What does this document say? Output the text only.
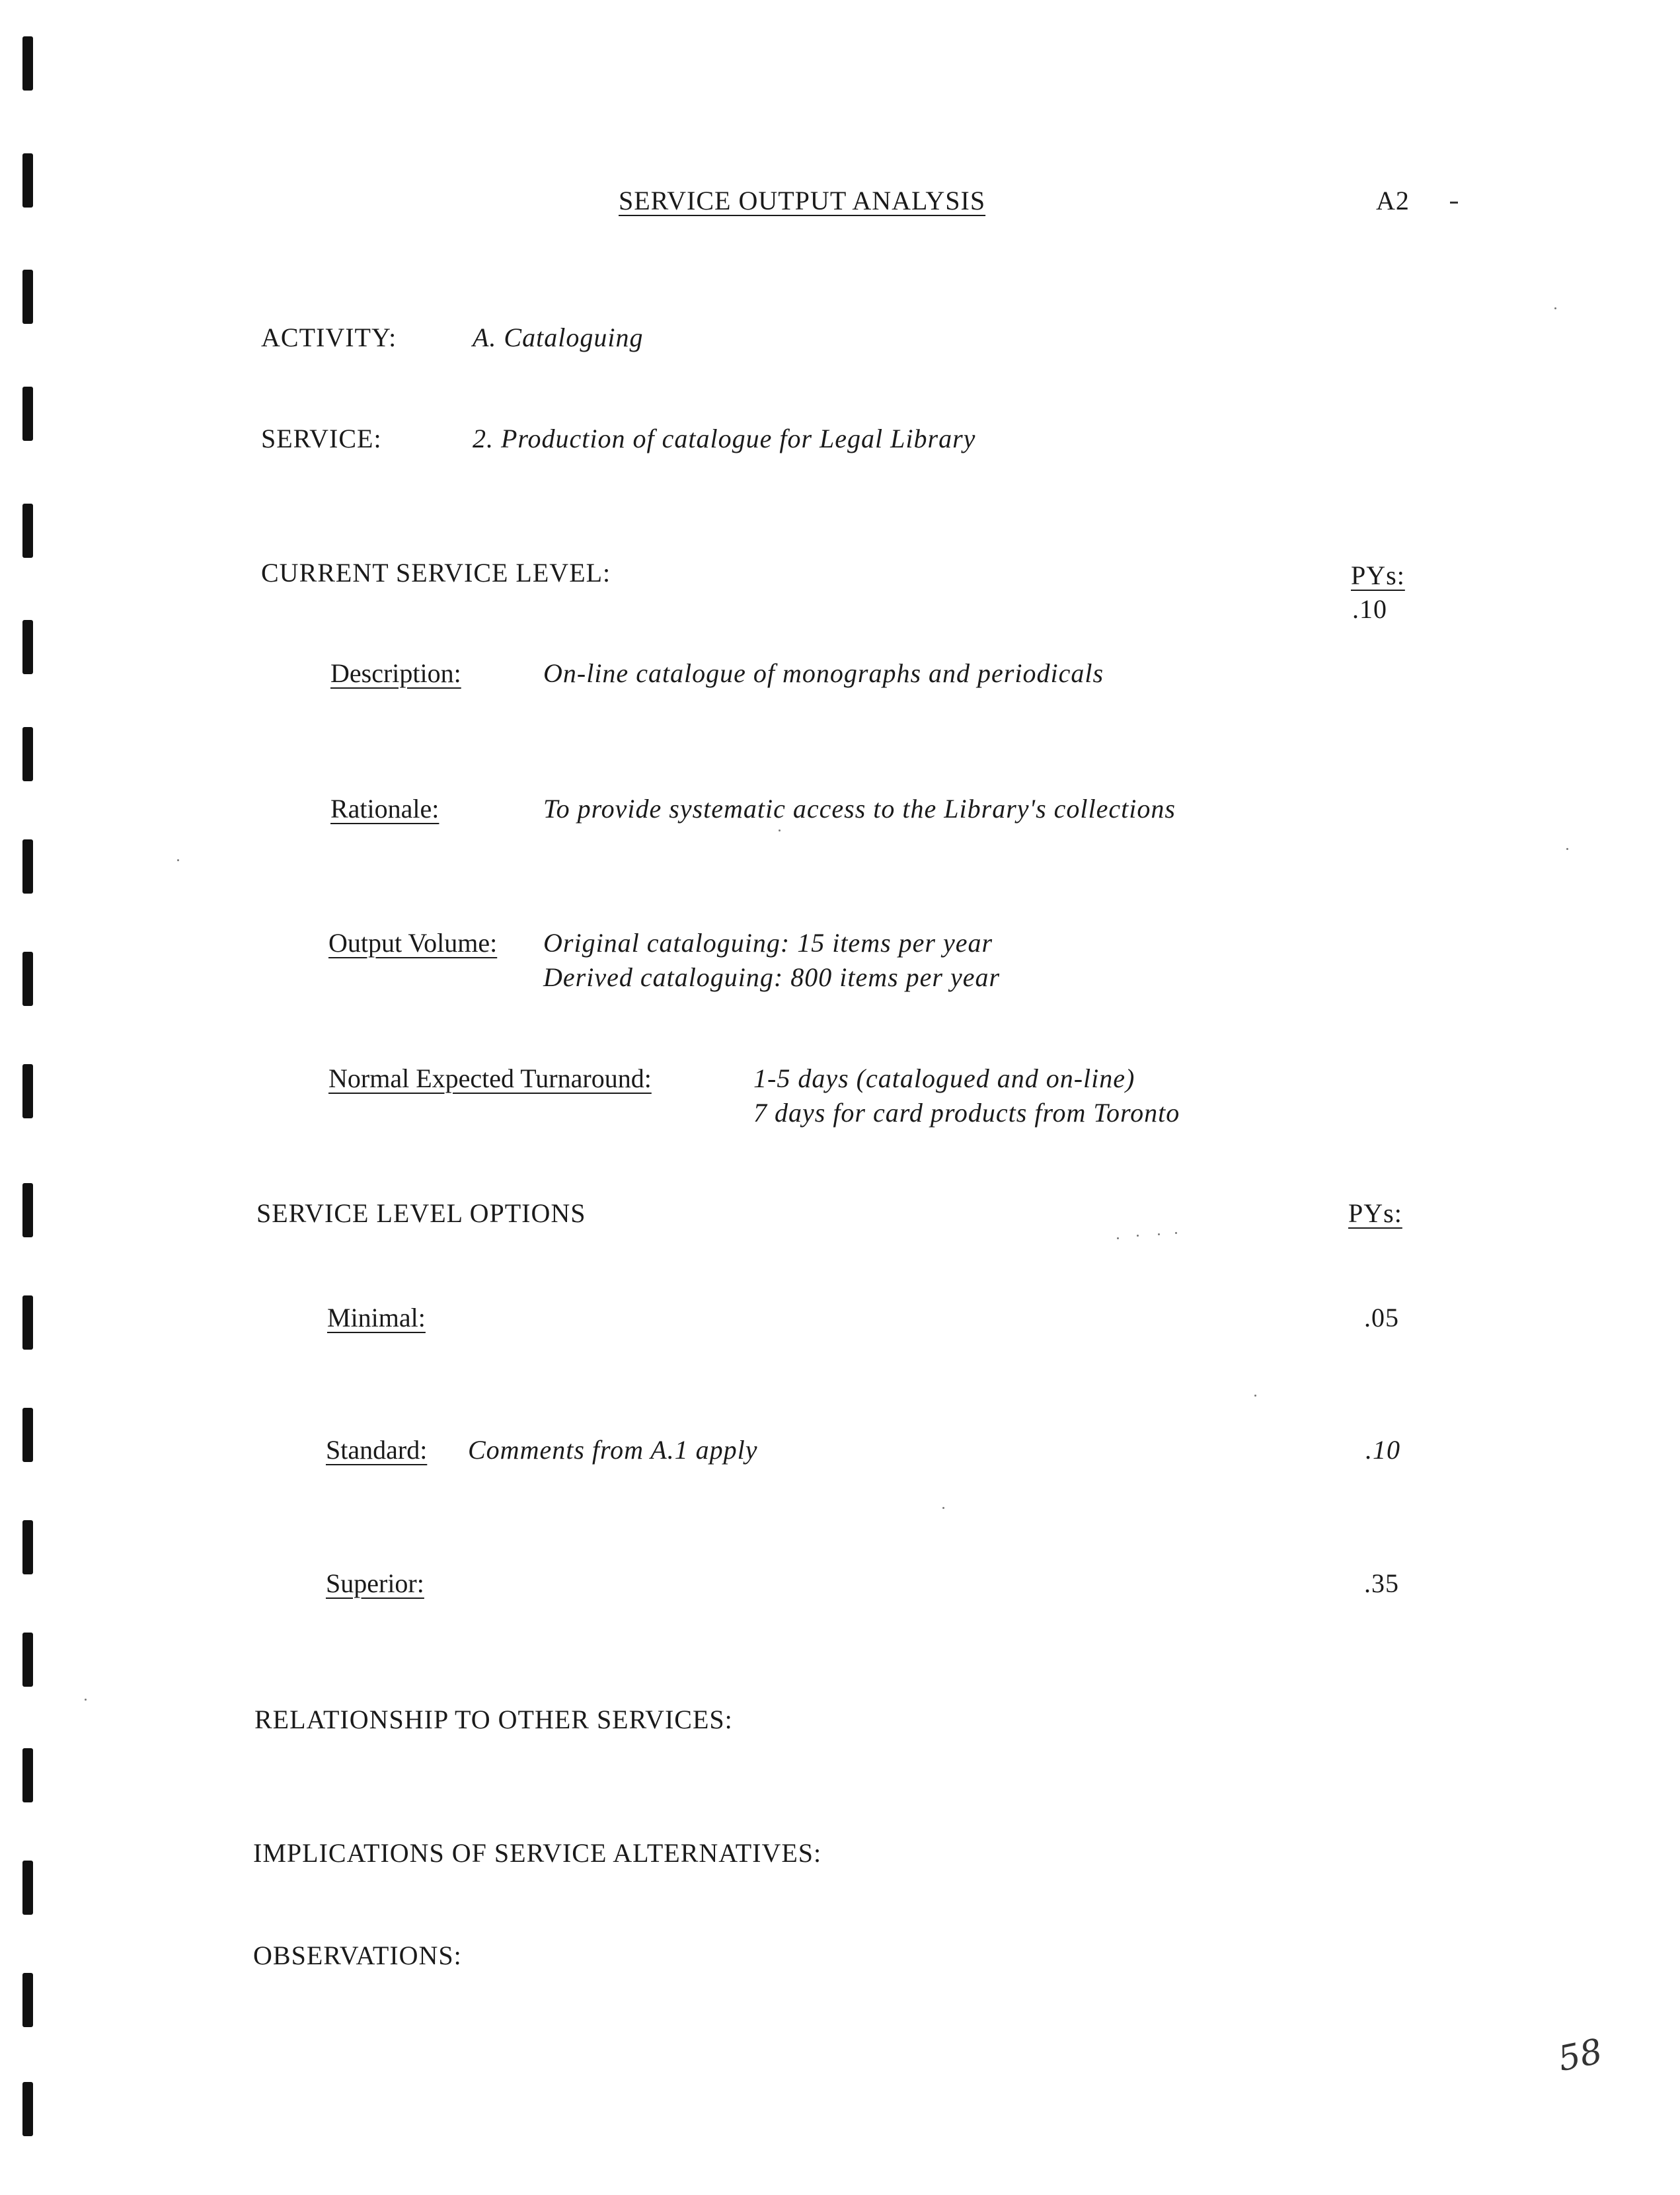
SERVICE OUTPUT ANALYSIS	A2
ACTIVITY:	A. Cataloguing
SERVICE:	2. Production of catalogue for Legal Library
CURRENT SERVICE LEVEL:	PYs:
.10
Description:	On-line catalogue of monographs and periodicals
Rationale:	To provide systematic access to the Library's collections
Output Volume: Original cataloguing: 15 items per year
Derived cataloguing: 800 items per year
Normal Expected Turnaround:	1-5 days (catalogued and on-line)
7 days for card products from Toronto
SERVICE LEVEL OPTIONS	PYs:
Minimal:	.05
Standard: Comments from A.1 apply	.10
Superior:	.35
RELATIONSHIP TO OTHER SERVICES:
IMPLICATIONS OF SERVICE ALTERNATIVES:
OBSERVATIONS:
58
